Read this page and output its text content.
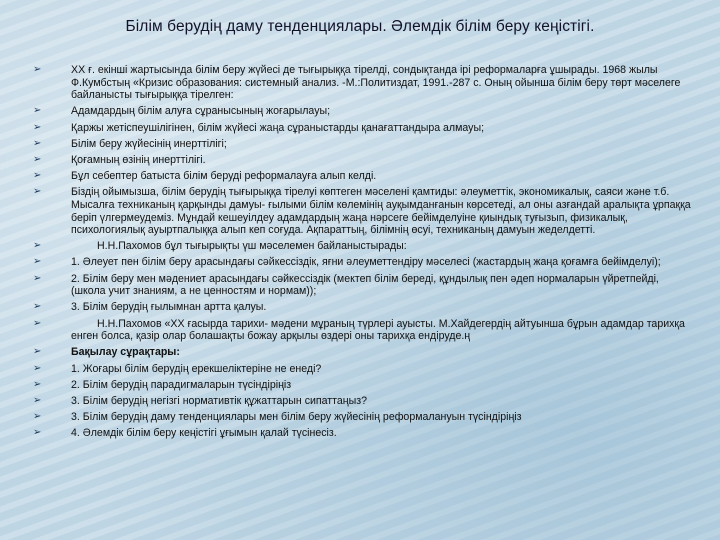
Білім берудің даму тенденциялары. Әлемдік білім беру кеңістігі.
➢	ХХ ғ. екінші жартысында білім беру жүйесі де тығырыққа тірелді, сондықтанда ірі реформаларға ұшырады. 1968 жылы Ф.Кумбстың «Кризис образования: системный анализ. -М.:Политиздат, 1991.-287 с. Оның ойынша білім беру төрт мәселеге байланысты тығырыққа тірелген:
➢	Адамдардың білім алуға сұранысының жоғарылауы;
➢	Қаржы жетіспеушілігінен, білім жүйесі жаңа сұраныстарды қанағаттандыра алмауы;
➢	Білім беру жүйесінің инерттілігі;
➢	Қоғамның өзінің инерттілігі.
➢	Бұл себептер батыста білім беруді реформалауға алып келді.
➢	Біздің ойымызша, білім берудің тығырыққа тірелуі көптеген мәселені қамтиды: әлеуметтік, экономикалық, саяси және т.б. Мысалға техниканың қарқынды дамуы- ғылыми білім көлемінің ауқымданғанын көрсетеді, ал оны азғандай аралықта ұрпаққа беріп үлгермеудеміз. Мұндай кешеуілдеу адамдардың жаңа нәрсеге бейімделуіне қиындық туғызып, физикалық, психологиялық ауыртпалыққа алып кеп соғуда. Ақпараттың, білімнің өсуі, техниканың дамуын жеделдетті.
➢	Н.Н.Пахомов бұл тығырықты үш мәселемен байланыстырады:
➢	1. Әлеует пен білім беру арасындағы сәйкессіздік, яғни әлеуметтендіру мәселесі (жастардың жаңа қоғамға бейімделуі);
➢	2. Білім беру мен мәдениет арасындағы сәйкессіздік (мектеп білім береді, құндылық пен әдеп нормаларын үйретпейді, (школа учит знаниям, а не ценностям и нормам));
➢	3. Білім берудің ғылымнан артта қалуы.
➢	Н.Н.Пахомов «ХХ ғасырда тарихи- мәдени мұраның түрлері ауысты. М.Хайдегердің айтуынша бұрын адамдар тарихқа енген болса, қазір олар болашақты божау арқылы өздері оны тарихқа ендіруде.ң
➢	Бақылау сұрақтары:
➢	1. Жоғары білім берудің ерекшеліктеріне не енеді?
➢	2. Білім берудің парадигмаларын түсіндіріңіз
➢	3. Білім берудің негізгі нормативтік құжаттарын сипаттаңыз?
➢	3. Білім берудің даму тенденциялары мен білім беру жүйесінің реформалануын түсіндіріңіз
➢	4. Әлемдік білім беру кеңістігі ұғымын қалай түсінесіз.
